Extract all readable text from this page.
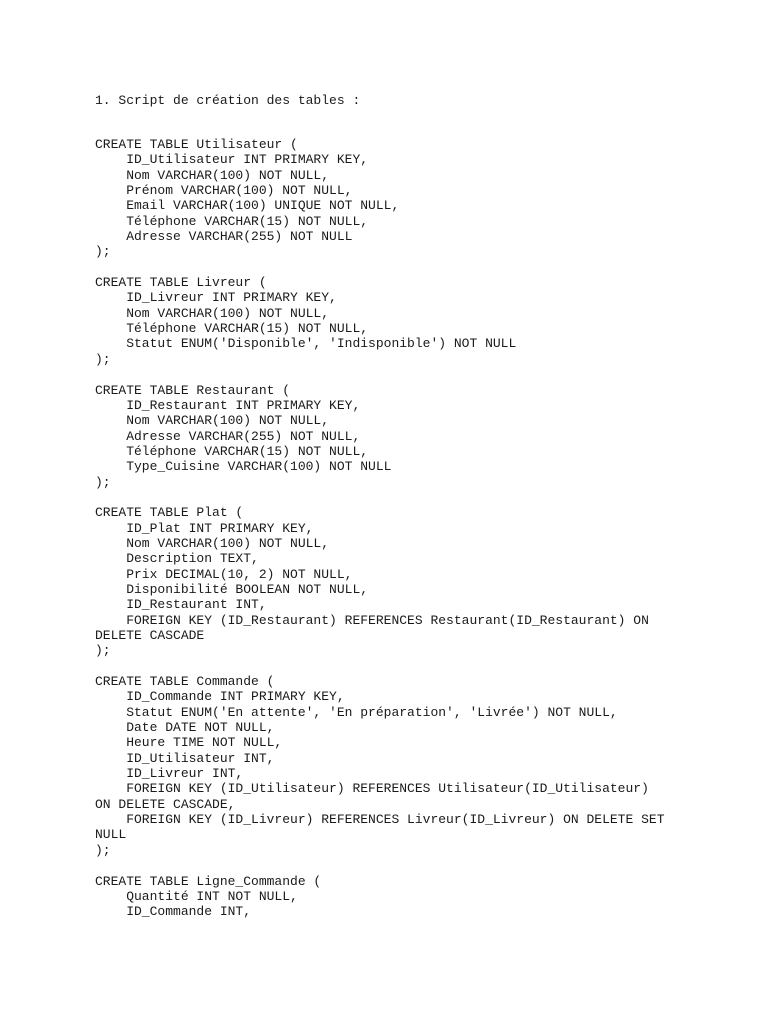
1. Script de création des tables :

CREATE TABLE Utilisateur (
ID_Utilisateur INT PRIMARY KEY,
Nom VARCHAR(100) NOT NULL,
Prénom VARCHAR(100) NOT NULL,
Email VARCHAR(100) UNIQUE NOT NULL,
Téléphone VARCHAR(15) NOT NULL,
Adresse VARCHAR(255) NOT NULL
);

CREATE TABLE Livreur (
ID_Livreur INT PRIMARY KEY,
Nom VARCHAR(100) NOT NULL,
Téléphone VARCHAR(15) NOT NULL,
Statut ENUM('Disponible', 'Indisponible') NOT NULL
);

CREATE TABLE Restaurant (
ID_Restaurant INT PRIMARY KEY,
Nom VARCHAR(100) NOT NULL,
Adresse VARCHAR(255) NOT NULL,
Téléphone VARCHAR(15) NOT NULL,
Type_Cuisine VARCHAR(100) NOT NULL
);

CREATE TABLE Plat (
ID_Plat INT PRIMARY KEY,
Nom VARCHAR(100) NOT NULL,
Description TEXT,
Prix DECIMAL(10, 2) NOT NULL,
Disponibilité BOOLEAN NOT NULL,
ID_Restaurant INT,
FOREIGN KEY (ID_Restaurant) REFERENCES Restaurant(ID_Restaurant) ON
DELETE CASCADE
);

CREATE TABLE Commande (
ID_Commande INT PRIMARY KEY,
Statut ENUM('En attente', 'En préparation', 'Livrée') NOT NULL,
Date DATE NOT NULL,
Heure TIME NOT NULL,
ID_Utilisateur INT,
ID_Livreur INT,
FOREIGN KEY (ID_Utilisateur) REFERENCES Utilisateur(ID_Utilisateur)
ON DELETE CASCADE,
FOREIGN KEY (ID_Livreur) REFERENCES Livreur(ID_Livreur) ON DELETE SET
NULL
);

CREATE TABLE Ligne_Commande (
Quantité INT NOT NULL,
ID_Commande INT,
